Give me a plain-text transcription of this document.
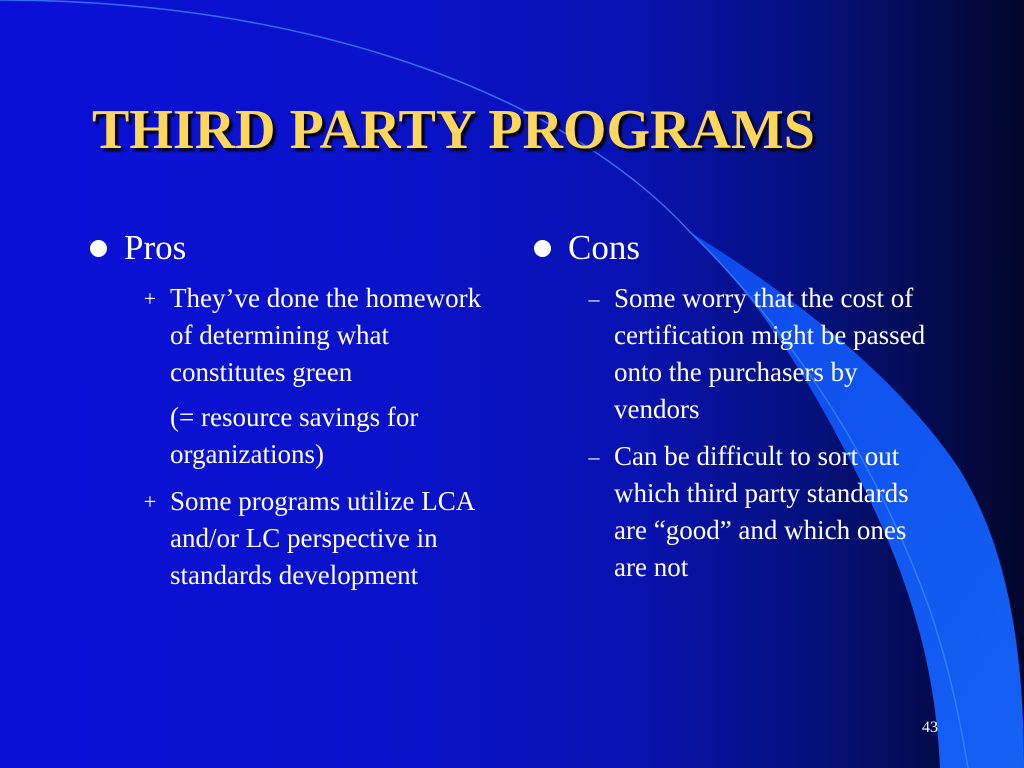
THIRD PARTY PROGRAMS
Pros
+ They’ve done the homework of determining what constitutes green
(= resource savings for organizations)
+ Some programs utilize LCA and/or LC perspective in standards development
Cons
– Some worry that the cost of certification might be passed onto the purchasers by vendors
– Can be difficult to sort out which third party standards are “good” and which ones are not
43
